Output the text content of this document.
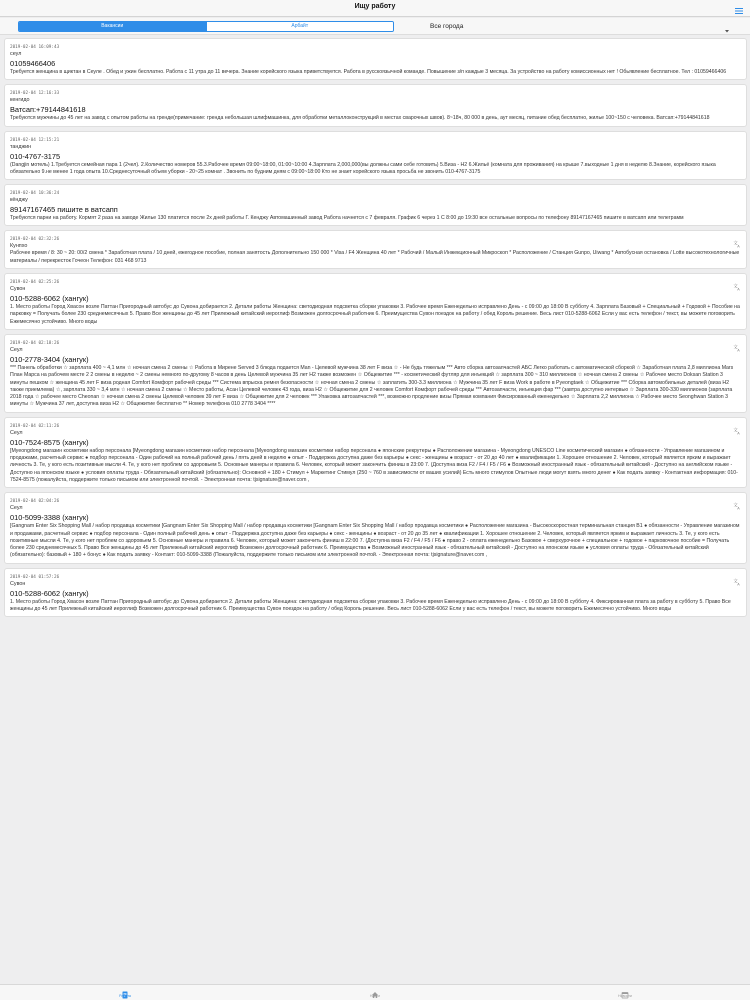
Ищу работу
Вакансии	Арбайт	Все города
2019-02-04 16:09:43
сеул
01059466406
Требуется женщина в щиктан в Сеуле . Обед и ужин бесплатно. Работа с 11 утра до 11 вечера. Знание корейского языка приветствуется. Работа в русскоязычной команде. Повышение з/п каждые 3 месяца. За устройство на работу комиссионных нет ! Обьявление бесплатное. Тел : 01059466406
2019-02-04 12:16:33
кенгидо
Ватсап:+79144841618
Требуются мужчины до 45 лет на завод с опытом работы на гренде(примечание: гренда небольшая шлифмашинка, для обработки металлоконструкций в местах сварочных швов). 8~18ч, 80 000 в день, аут месяц, питание обед бесплатно, жилье 100~150 с человека. Ватсап:+79144841618
2019-02-04 12:15:21
танджин
010-4767-3175
(Dangjin мотель) 1.Требуется семейная пара 1 (2чел). 2.Количество номеров 55.3.Рабочее время 09:00~18:00, 01:00~10:00 4.Зарплата 2,000,000(вы должны сами себе готовить) 5.Виза - H2 6.Жильё (комната для проживания) на крыше 7.выходные 1 дня в неделю 8.Знание, корейского языка обязательно 9.не менее 1 года опыта 10.Среднесуточный объем уборки - 20~25 комнат . Звонить по будним дням с 09:00~18:00 Кто не знает корейского языка просьба не звонить 010-4767-3175
2019-02-04 10:36:24
кёнджу
89147167465 пишите в ватсапп
Требуются парни на работу. Кормят 2 раза на заводе Жилье 130 платится после 2х дней работы Г. Кенджу Автомашинный завод Работа начнется с 7 февраля. График 6 через 1 С 8:00 до 19:30 все остальные вопросы по телефону 89147167465 пишите в ватсапп или телеграмм
2019-02-04 02:32:26
Кунпхо
Рабочее время / 8: 30 ~ 20: 00/2 смена * Заработная плата / 10 дней, ежегодное пособие, полная занятость Дополнительно 150 000 * Visa / F4 Женщина 40 лет * Рабочий / Малый Инжекционный Микроскоп * Расположение / Станция Gunpo, Uiwang * Автобусная остановка / Lotte высокотехнологичные материалы / перекресток Гочеон Телефон: 031 468 9713
文
A
2019-02-04 02:25:26
Сувон
010-5288-6062 (хангук)
1. Место работы Город Хвасон возле Паттан Пригородный автобус до Сувона добирается 2. Детали работы Женщина: светодиодная подсветка сборки упаковки 3. Рабочее время Еженедельно исправлено День - с 09:00 до 18:00 В субботу 4. Зарплата Базовый + Специальный + Годовой + Пособие на парковку = Получать более 230 среднемесячных 5. Право Все женщины до 45 лет Прилежный китайский иероглиф Возможен долгосрочный работник 6. Преимущества Сувон поездок на работу / обед Король решение. Весь лист 010-5288-6062 Если у вас есть телефон / текст, вы можете поговорить Ежемесячно устойчиво. Много воды
文
A
2019-02-04 02:18:26
Сеул
010-2778-3404 (хангук)
*** Панель обработки ☆ зарплата 400 ~ 4,1 млн ☆ ночная смена 2 смены ☆ Работа в Мирене Served 3 блюда подается Man - Целевой мужчина 38 лет F виза ☆ - Не будь тяжелым *** Авто сборка автозапчастей АБС Легко работать с автоматической сборкой ☆ Заработная плата 2,8 миллиона Mars План Марса на рабочем месте 2 2 смены в неделю ~ 2 смены немного по-другому 8 часов в день Целевой мужчина 35 лет H2 также возможен ☆ Общежитие *** - косметический футляр для инъекций ☆ зарплата 300 ~ 310 миллионов ☆ ночная смена 2 смены ☆ Рабочее место Doksan Station 3 минуты пешком ☆ женщина 45 лет F виза родная Comfort Комфорт рабочей среды *** Система впрыска ремня безопасности ☆ ночная смена 2 смены ☆ заплатить 300-3.3 миллиона ☆ Мужчина 35 лет F виза Work в работе в Pyeongtaek ☆ Общежитие *** Сборка автомобильных деталей (виза H2 также приемлема) ☆, зарплата 330 ~ 3,4 млн ☆ ночная смена 2 смены ☆ Место работы, Асан Целевой человек 43 года, виза H2 ☆ Общежитие для 2 человек Comfort Комфорт рабочей среды *** Автозапчасти, инъекция фар *** (завтра доступно интервью ☆ Зарплата 300-330 миллионов (зарплата 2018 года ☆ рабочее место Cheonan ☆ ночная смена 2 смены Целевой человек 39 лет F виза ☆ Общежитие для 2 человек *** Упаковка автозапчастей ***, возможно продление визы Прямая компания Фиксированный еженедельно ☆ Зарплата 2,2 миллиона ☆ Рабочее место Seonghwan Station 3 минуты ☆ Мужчина 37 лет, доступна виза H2 ☆ Общежитие бесплатно ** Номер телефона 010 2778 3404 ****
文
A
2019-02-04 02:11:26
Сеул
010-7524-8575 (хангук)
[Myeongdong магазин косметики набор персонала [Myeongdong магазин косметики набор персонала [Myeongdong магазин косметики набор персонала ● японские рекрутеры ● Расположение магазина - Myeongdong UNESCO Line косметический магазин ● обязанности - Управление магазином и продажами, расчетный сервис ● подбор персонала - Один рабочий на полный рабочий день / пять дней в неделю ● опыт - Поддержка доступна даже без карьеры ● секс - женщины ● возраст - от 20 до 40 лет ● квалификации 1. Хорошее отношение 2. Человек, который является ярким и выражает личность 3. Те, у кого есть позитивные мысли 4. Те, у кого нет проблем со здоровьем 5. Основные манеры и правила 6. Человек, который может закончить финиш в 23:00 7. (Доступна виза F2 / F4 / F5 / F6 ● Возможный иностранный язык - обязательный китайский - Доступно на английском языке - Доступно на японском языке ● условия оплаты труда - Обязательный китайский (обязательно): Основной + 180 + Стимул + Маркетинг Стимул (250 ~ 760 в зависимости от ваших усилий) Есть много стимулов Опытные люди могут взять много денег ● Как подать заявку - Контактная информация: 010-7524-8575 (пожалуйста, поддержите только письмом или электронной почтой. - Электронная почта: tjsignature@naver.com ,
文
A
2019-02-04 02:04:26
Сеул
010-5099-3388 (хангук)
[Gangnam Enter Six Shopping Mall / набор продавца косметики [Gangnam Enter Six Shopping Mall / набор продавца косметики [Gangnam Enter Six Shopping Mall / набор продавца косметики ● Расположение магазина - Высокоскоростная терминальная станция B1 ● обязанности - Управление магазином и продажами, расчетный сервис ● подбор персонала - Один полный рабочий день ● опыт - Поддержка доступна даже без карьеры ● секс - женщины ● возраст - от 20 до 35 лет ● квалификации 1. Хорошее отношение 2. Человек, который является ярким и выражает личность 3. Те, у кого есть позитивные мысли 4. Те, у кого нет проблем со здоровьем 5. Основные манеры и правила 6. Человек, который может закончить финиш в 22:00 7. (Доступна виза F2 / F4 / F5 / F6 ● право 2 - оплата еженедельно Базовое + сверхурочное + специальное + годовое + парковочное пособие = Получать более 230 среднемесячных 5. Право Все женщины до 45 лет Прилежный китайский иероглиф Возможен долгосрочный работник 6. Преимущества ● Возможный иностранный язык - обязательный китайский - Доступно на японском языке ● условия оплаты труда - Обязательный китайский (обязательно): базовый + 180 + бонус ● Как подать заявку - Контакт: 010-5099-3388 (Пожалуйста, поддержите только письмом или электронной почтой. - Электронная почта: tjsignature@naver.com ,
文
A
2019-02-04 01:57:26
Сувон
010-5288-6062 (хангук)
1. Место работы Город Хвасон возле Паттан Пригородный автобус до Сувона добирается 2. Детали работы Женщина: светодиодная подсветка сборки упаковки 3. Рабочее время Еженедельно исправлено День - с 09:00 до 18:00 В субботу 4. Фиксированная плата за работу в субботу 5. Право Все женщины до 45 лет Прилежный китайский иероглиф Возможен долгосрочный работник 6. Преимущества Сувон поездок на работу / обед Король решение. Весь лист 010-5288-6062 Если у вас есть телефон / текст, вы можете поговорить Ежемесячно устойчиво. Много воды
文
A
Работа	Найти	Новости
